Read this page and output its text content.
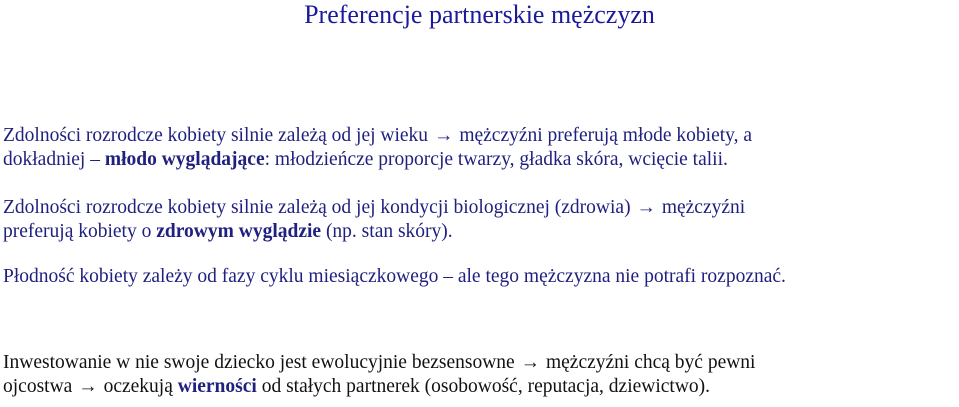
Preferencje partnerskie mężczyzn
Zdolności rozrodcze kobiety silnie zależą od jej wieku → mężczyźni preferują młode kobiety, a
dokładniej – młodo wyglądające: młodzieńcze proporcje twarzy, gładka skóra, wcięcie talii.
Zdolności rozrodcze kobiety silnie zależą od jej kondycji biologicznej (zdrowia) → mężczyźni
preferują kobiety o zdrowym wyglądzie (np. stan skóry).
Płodność kobiety zależy od fazy cyklu miesiączkowego – ale tego mężczyzna nie potrafi rozpoznać.
Inwestowanie w nie swoje dziecko jest ewolucyjnie bezsensowne → mężczyźni chcą być pewni
ojcostwa → oczekują wierności od stałych partnerek (osobowość, reputacja, dziewictwo).
